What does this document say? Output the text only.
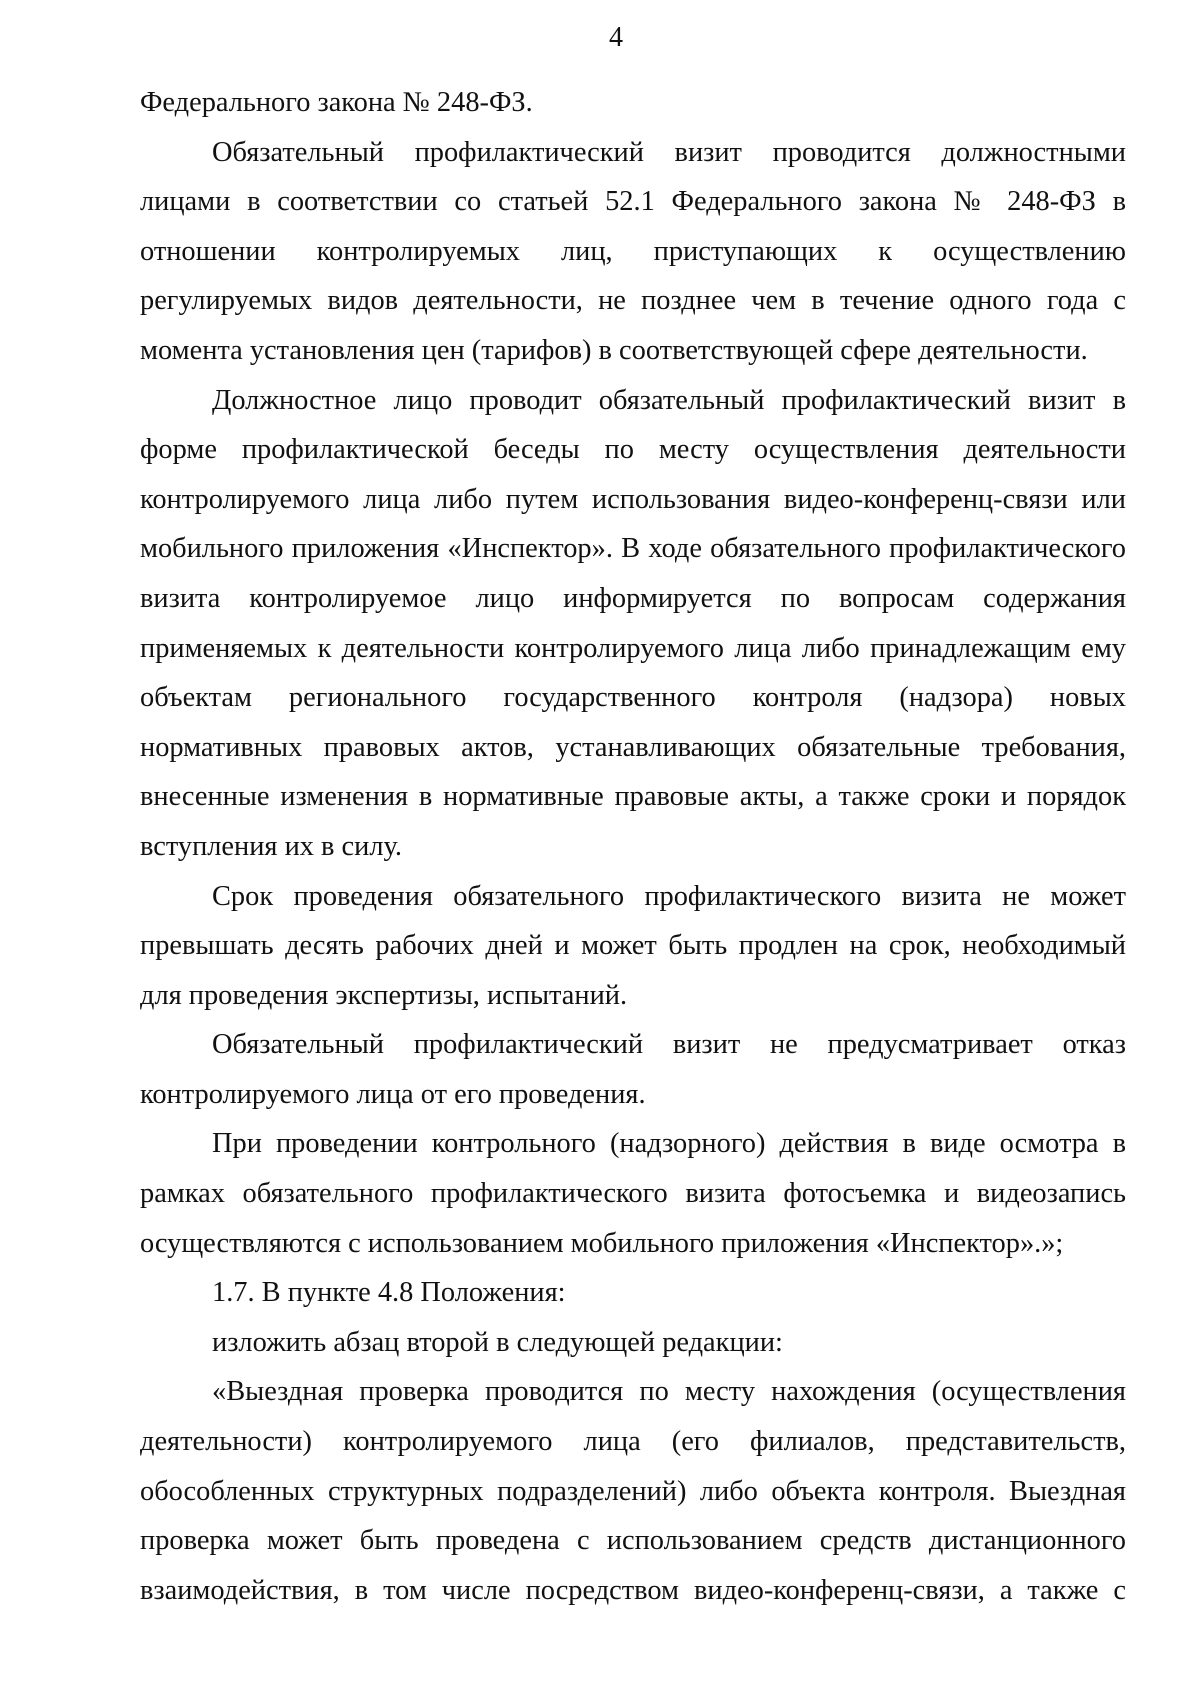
4

Федерального закона № 248-ФЗ.

Обязательный профилактический визит проводится должностными лицами в соответствии со статьей 52.1 Федерального закона № 248-ФЗ в отношении контролируемых лиц, приступающих к осуществлению регулируемых видов деятельности, не позднее чем в течение одного года с момента установления цен (тарифов) в соответствующей сфере деятельности.

Должностное лицо проводит обязательный профилактический визит в форме профилактической беседы по месту осуществления деятельности контролируемого лица либо путем использования видео-конференц-связи или мобильного приложения «Инспектор». В ходе обязательного профилактического визита контролируемое лицо информируется по вопросам содержания применяемых к деятельности контролируемого лица либо принадлежащим ему объектам регионального государственного контроля (надзора) новых нормативных правовых актов, устанавливающих обязательные требования, внесенные изменения в нормативные правовые акты, а также сроки и порядок вступления их в силу.

Срок проведения обязательного профилактического визита не может превышать десять рабочих дней и может быть продлен на срок, необходимый для проведения экспертизы, испытаний.

Обязательный профилактический визит не предусматривает отказ контролируемого лица от его проведения.

При проведении контрольного (надзорного) действия в виде осмотра в рамках обязательного профилактического визита фотосъемка и видеозапись осуществляются с использованием мобильного приложения «Инспектор».»;

1.7. В пункте 4.8 Положения:

изложить абзац второй в следующей редакции:

«Выездная проверка проводится по месту нахождения (осуществления деятельности) контролируемого лица (его филиалов, представительств, обособленных структурных подразделений) либо объекта контроля. Выездная проверка может быть проведена с использованием средств дистанционного взаимодействия, в том числе посредством видео-конференц-связи, а также с
